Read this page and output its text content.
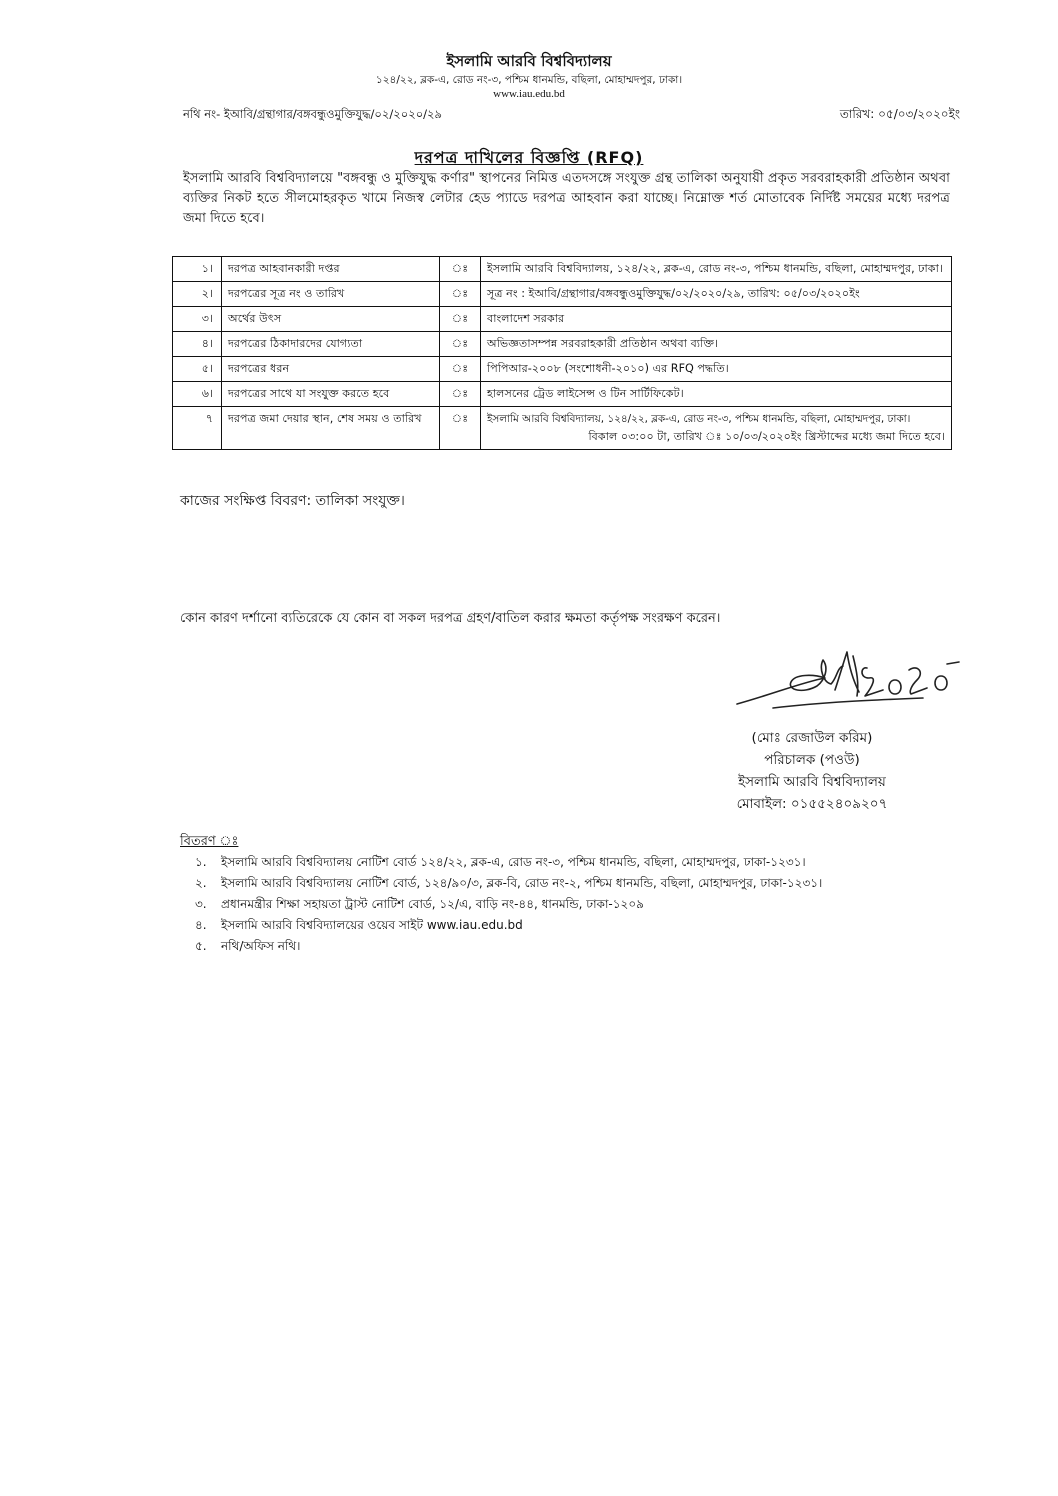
ইসলামি আরবি বিশ্ববিদ্যালয়
১২৪/২২, ব্লক-এ, রোড নং-৩, পশ্চিম ধানমন্ডি, বছিলা, মোহাম্মদপুর, ঢাকা।
www.iau.edu.bd
নথি নং- ইআবি/গ্রন্থাগার/বঙ্গবন্ধুওমুক্তিযুদ্ধ/০২/২০২০/২৯	তারিখ: ০৫/০৩/২০২০ইং
দরপত্র দাখিলের বিজ্ঞপ্তি (RFQ)
ইসলামি আরবি বিশ্ববিদ্যালয়ে "বঙ্গবন্ধু ও মুক্তিযুদ্ধ কর্ণার" স্থাপনের নিমিত্ত এতদসঙ্গে সংযুক্ত গ্রন্থ তালিকা অনুযায়ী প্রকৃত সরবরাহকারী প্রতিষ্ঠান অথবা ব্যক্তির নিকট হতে সীলমোহরকৃত খামে নিজস্ব লেটার হেড প্যাডে দরপত্র আহবান করা যাচ্ছে। নিম্নোক্ত শর্ত মোতাবেক নির্দিষ্ট সময়ের মধ্যে দরপত্র জমা দিতে হবে।
১।	দরপত্র আহবানকারী দপ্তর	ঃ	ইসলামি আরবি বিশ্ববিদ্যালয়, ১২৪/২২, ব্লক-এ, রোড নং-৩, পশ্চিম ধানমন্ডি, বছিলা, মোহাম্মদপুর, ঢাকা।
২।	দরপত্রের সূত্র নং ও তারিখ	ঃ	সূত্র নং : ইআবি/গ্রন্থাগার/বঙ্গবন্ধুওমুক্তিযুদ্ধ/০২/২০২০/২৯, তারিখ: ০৫/০৩/২০২০ইং
৩।	অর্থের উৎস	ঃ	বাংলাদেশ সরকার
৪।	দরপত্রের ঠিকাদারদের যোগ্যতা	ঃ	অভিজ্ঞতাসম্পন্ন সরবরাহকারী প্রতিষ্ঠান অথবা ব্যক্তি।
৫।	দরপত্রের ধরন	ঃ	পিপিআর-২০০৮ (সংশোধনী-২০১০) এর RFQ পদ্ধতি।
৬।	দরপত্রের সাথে যা সংযুক্ত করতে হবে	ঃ	হালসনের ট্রেড লাইসেন্স ও টিন সার্টিফিকেট।
৭	দরপত্র জমা দেয়ার স্থান, শেষ সময় ও তারিখ	ঃ	ইসলামি আরবি বিশ্ববিদ্যালয়, ১২৪/২২, ব্লক-এ, রোড নং-৩, পশ্চিম ধানমন্ডি, বছিলা, মোহাম্মদপুর, ঢাকা।
বিকাল ০৩:০০ টা, তারিখ ঃ ১০/০৩/২০২০ইং খ্রিস্টাব্দের মধ্যে জমা দিতে হবে।
কাজের সংক্ষিপ্ত বিবরণ: তালিকা সংযুক্ত।
কোন কারণ দর্শানো ব্যতিরেকে যে কোন বা সকল দরপত্র গ্রহণ/বাতিল করার ক্ষমতা কর্তৃপক্ষ সংরক্ষণ করেন।
(মোঃ রেজাউল করিম)
পরিচালক (পওউ)
ইসলামি আরবি বিশ্ববিদ্যালয়
মোবাইল: ০১৫৫২৪০৯২০৭
বিতরণ ঃ
১. ইসলামি আরবি বিশ্ববিদ্যালয় নোটিশ বোর্ড ১২৪/২২, ব্লক-এ, রোড নং-৩, পশ্চিম ধানমন্ডি, বছিলা, মোহাম্মদপুর, ঢাকা-১২৩১।
২. ইসলামি আরবি বিশ্ববিদ্যালয় নোটিশ বোর্ড, ১২৪/৯০/৩, ব্লক-বি, রোড নং-২, পশ্চিম ধানমন্ডি, বছিলা, মোহাম্মদপুর, ঢাকা-১২৩১।
৩. প্রধানমন্ত্রীর শিক্ষা সহায়তা ট্রাস্ট নোটিশ বোর্ড, ১২/এ, বাড়ি নং-৪৪, ধানমন্ডি, ঢাকা-১২০৯
৪. ইসলামি আরবি বিশ্ববিদ্যালয়ের ওয়েব সাইট www.iau.edu.bd
৫. নথি/অফিস নথি।
